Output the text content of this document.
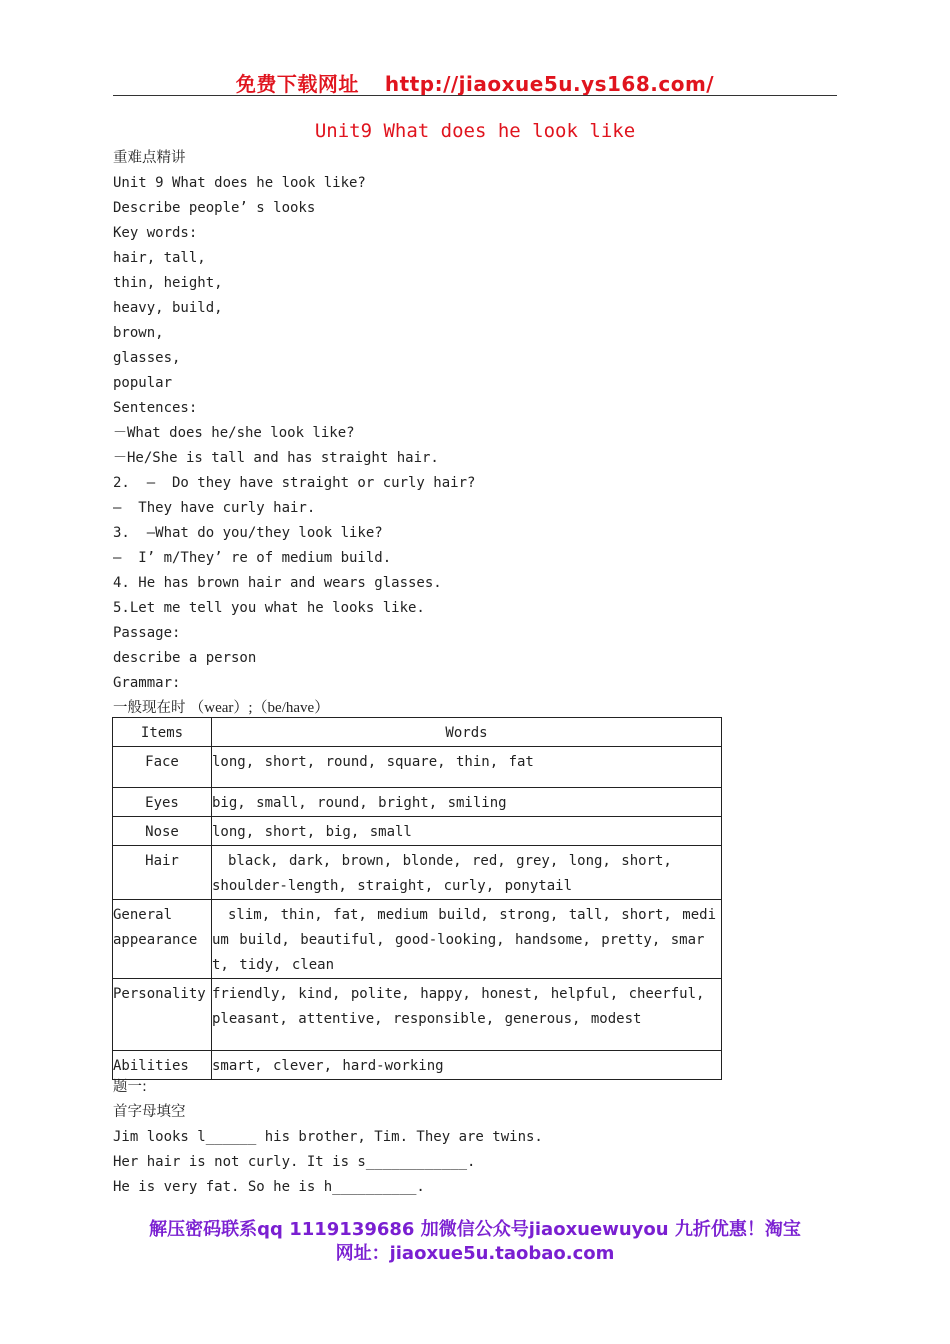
免费下载网址 http://jiaoxue5u.ys168.com/
Unit9 What does he look like
重难点精讲
Unit 9 What does he look like?
Describe people’ s looks
Key words:
hair, tall,
thin, height,
heavy, build,
brown,
glasses,
popular
Sentences:
－What does he/she look like?
－He/She is tall and has straight hair.
2.  –  Do they have straight or curly hair?
–  They have curly hair.
3.  –What do you/they look like?
–  I’ m/They’ re of medium build.
4. He has brown hair and wears glasses.
5.Let me tell you what he looks like.
Passage:
describe a person
Grammar:
一般现在时 （wear）;（be/have）
Items	Words
Face	long, short, round, square, thin, fat
Eyes	big, small, round, bright, smiling
Nose	long, short, big, small
Hair	black, dark, brown, blonde, red, grey, long, short, shoulder-length, straight, curly, ponytail
General appearance	slim, thin, fat, medium build, strong, tall, short, medium build, beautiful, good-looking, handsome, pretty, smart, tidy, clean
Personality	friendly, kind, polite, happy, honest, helpful, cheerful, pleasant, attentive, responsible, generous, modest
Abilities	smart, clever, hard-working
题一:
首字母填空
Jim looks l______ his brother, Tim. They are twins.
Her hair is not curly. It is s____________.
He is very fat. So he is h__________.
解压密码联系qq 1119139686 加微信公众号jiaoxuewuyou 九折优惠！淘宝
网址：jiaoxue5u.taobao.com
